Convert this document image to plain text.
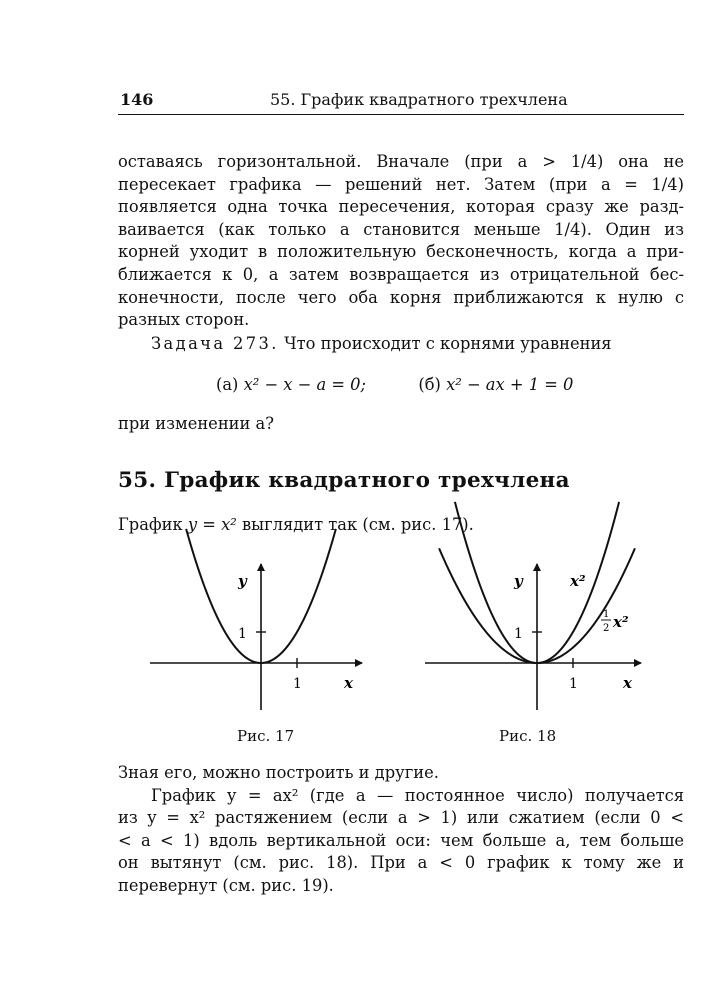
146	55. График квадратного трехчлена
оставаясь горизонтальной. Вначале (при a > 1/4) она не
пересекает графика — решений нет. Затем (при a = 1/4)
появляется одна точка пересечения, которая сразу же разд-
ваивается (как только a становится меньше 1/4). Один из
корней уходит в положительную бесконечность, когда a при-
ближается к 0, а затем возвращается из отрицательной бес-
конечности, после чего оба корня приближаются к нулю с
разных сторон.
Задача 273. Что происходит с корнями уравнения
(а) x² − x − a = 0;	(б) x² − ax + 1 = 0
при изменении a?
55. График квадратного трехчлена
График y = x² выглядит так (см. рис. 17).
y
1
1	x
Рис. 17
y
1
1	x
x²
1
2 x²
Рис. 18
Зная его, можно построить и другие.
График y = ax² (где a — постоянное число) получается
из y = x² растяжением (если a > 1) или сжатием (если 0 <
< a < 1) вдоль вертикальной оси: чем больше a, тем больше
он вытянут (см. рис. 18). При a < 0 график к тому же и
перевернут (см. рис. 19).
